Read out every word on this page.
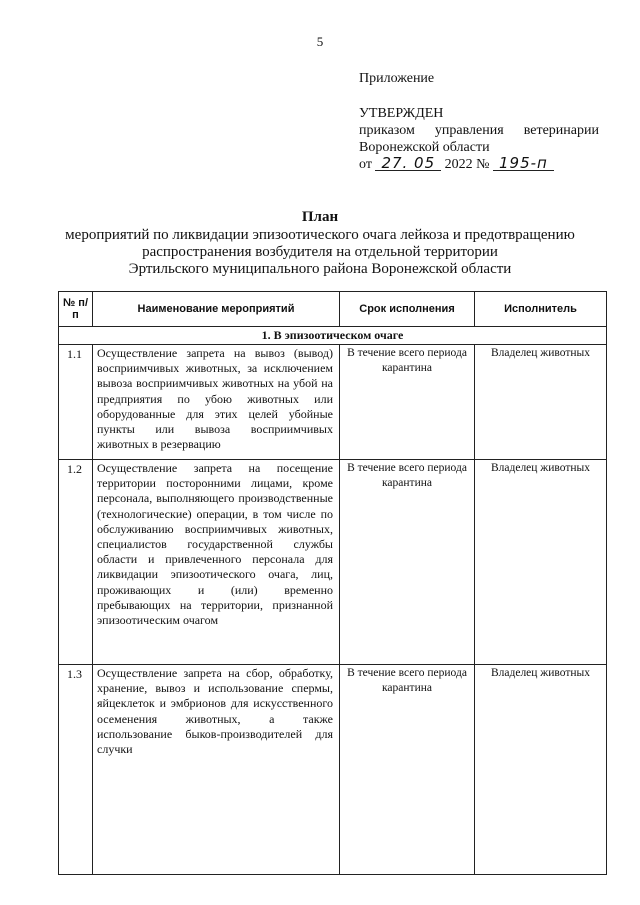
5
Приложение
УТВЕРЖДЕН
приказом управления ветеринарии
Воронежской области
от 27. 05 2022 № 195-п
План
мероприятий по ликвидации эпизоотического очага лейкоза и предотвращению
распространения возбудителя на отдельной территории
Эртильского муниципального района Воронежской области
№ п/п	Наименование мероприятий	Срок исполнения	Исполнитель
1. В эпизоотическом очаге			
1.1	Осуществление запрета на вывоз (вывод) восприимчивых животных, за исключением вывоза восприимчивых животных на убой на предприятия по убою животных или оборудованные для этих целей убойные пункты или вывоза восприимчивых животных в резервацию	В течение всего периода карантина	Владелец животных
1.2	Осуществление запрета на посещение территории посторонними лицами, кроме персонала, выполняющего производственные (технологические) операции, в том числе по обслуживанию восприимчивых животных, специалистов государственной службы области и привлеченного персонала для ликвидации эпизоотического очага, лиц, проживающих и (или) временно пребывающих на территории, признанной эпизоотическим очагом	В течение всего периода карантина	Владелец животных
1.3	Осуществление запрета на сбор, обработку, хранение, вывоз и использование спермы, яйцеклеток и эмбрионов для искусственного осеменения животных, а также использование быков-производителей для случки	В течение всего периода карантина	Владелец животных
